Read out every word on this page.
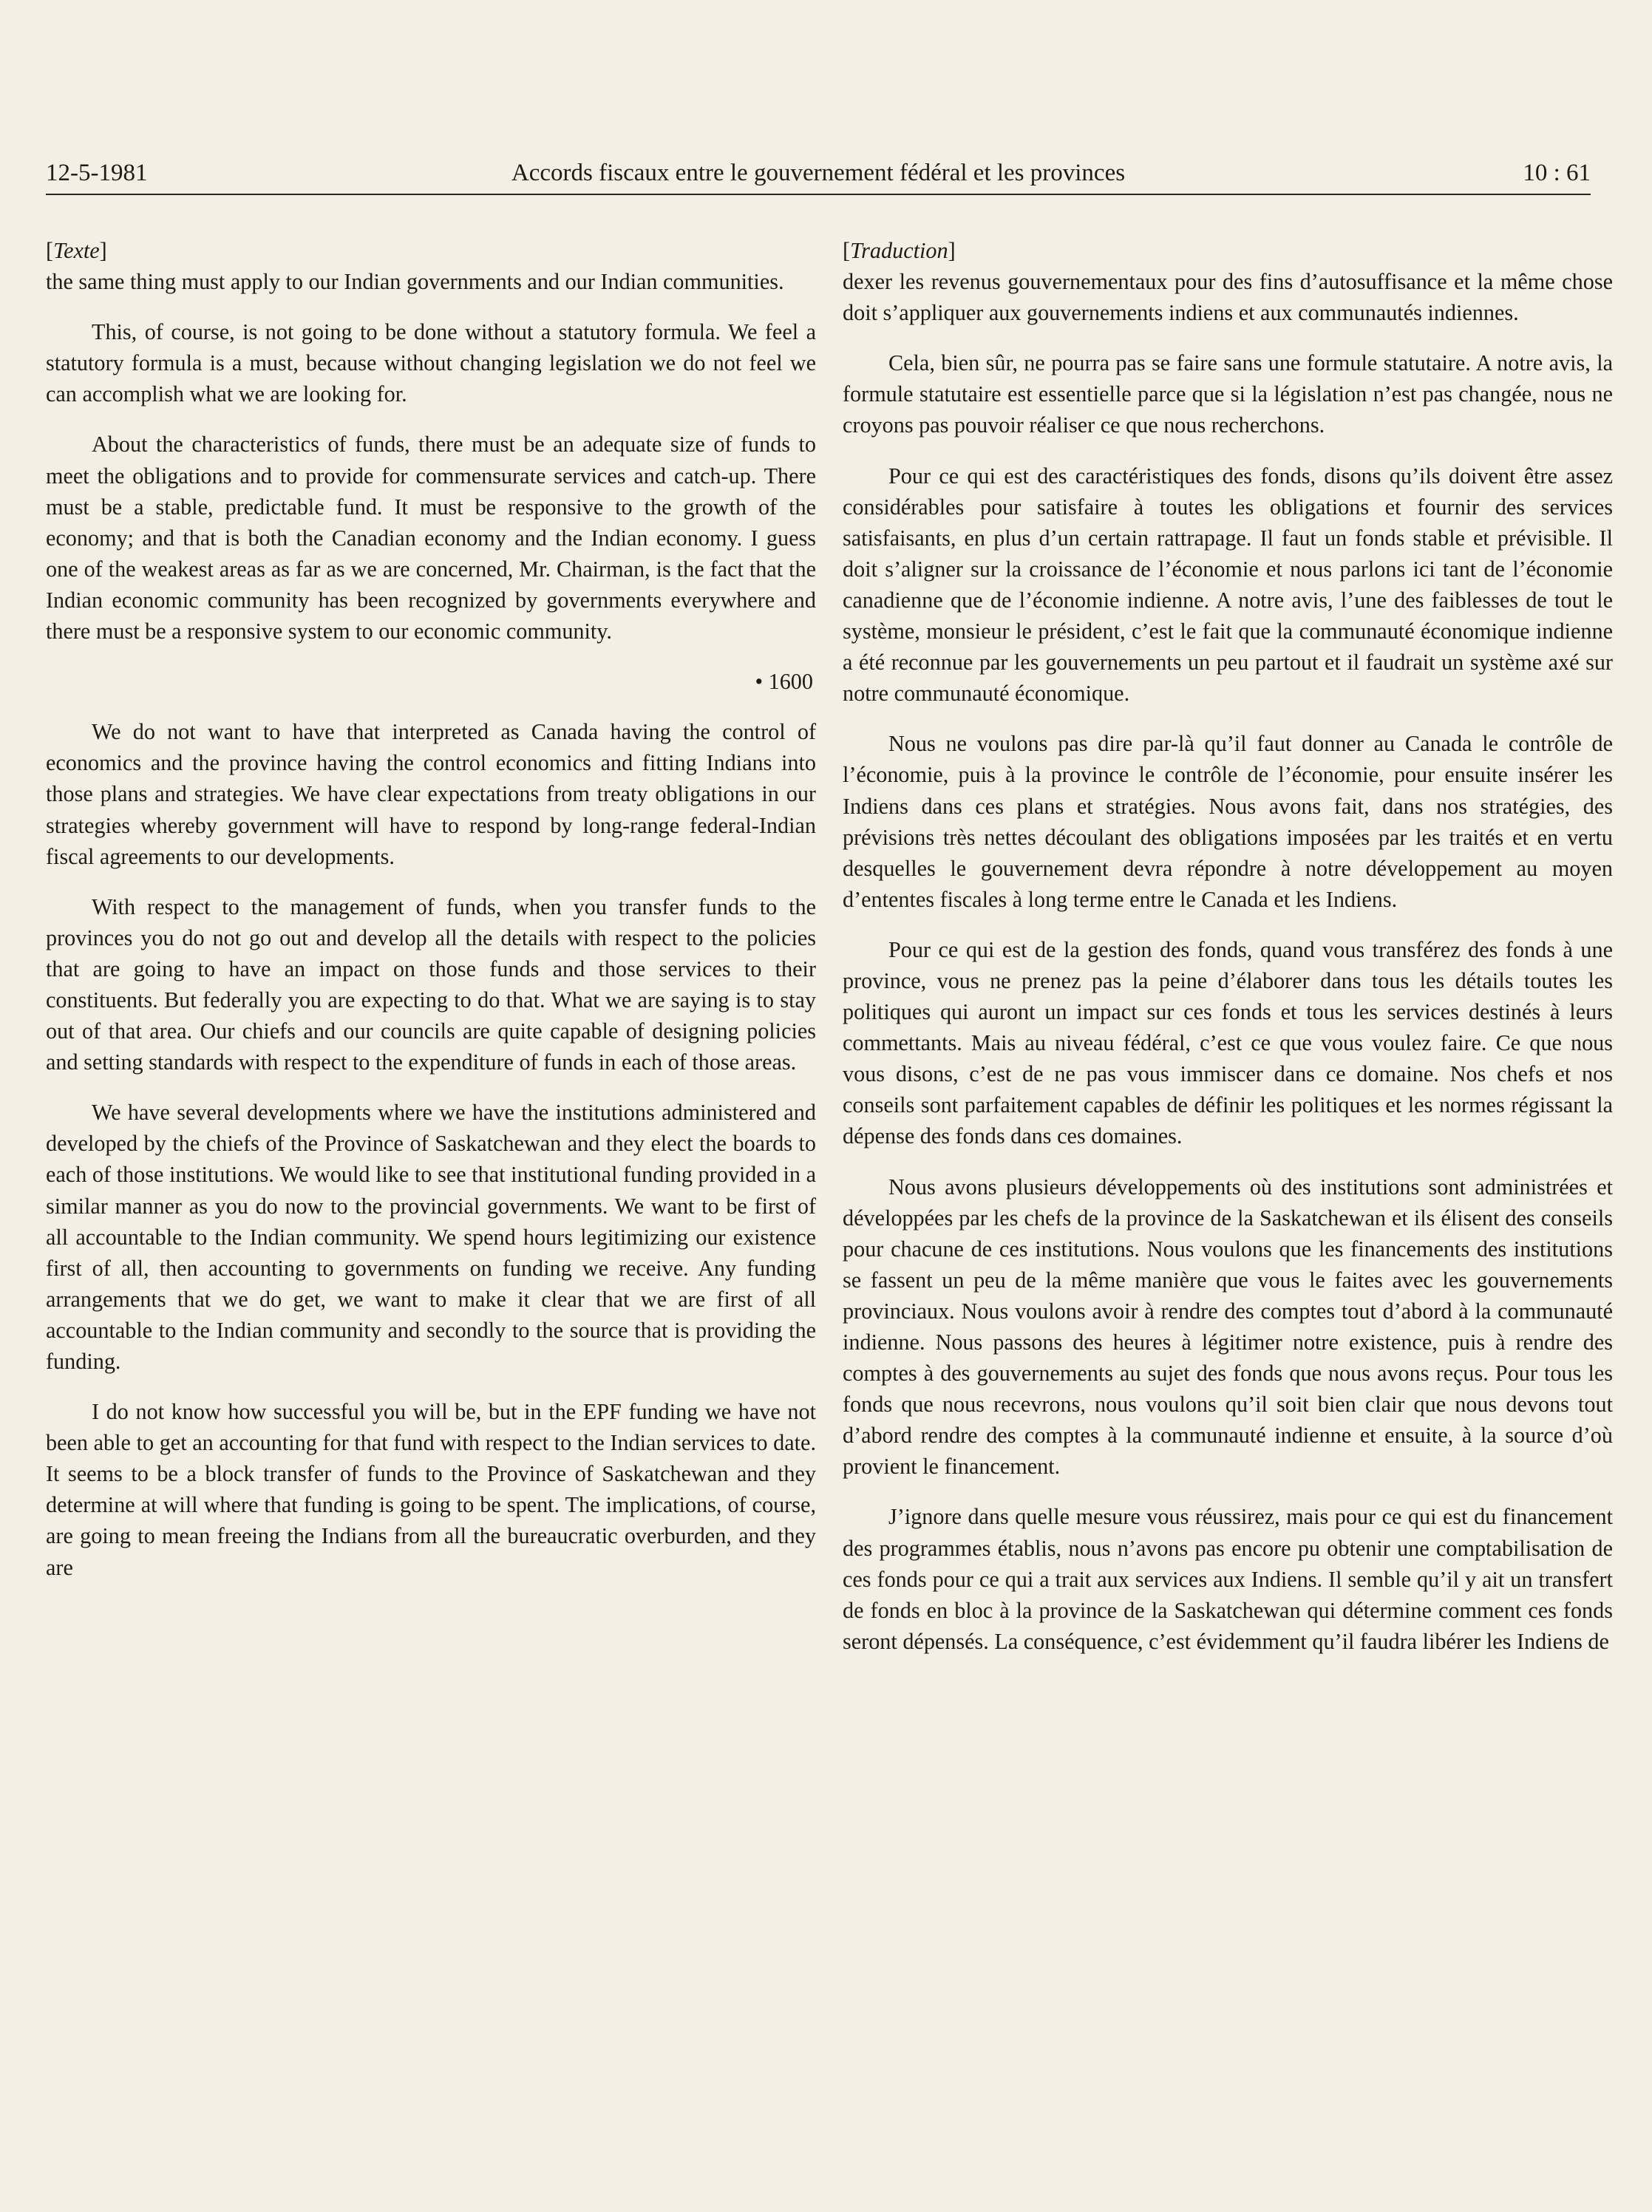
12-5-1981	Accords fiscaux entre le gouvernement fédéral et les provinces	10 : 61
[Texte]

the same thing must apply to our Indian governments and our Indian communities.

This, of course, is not going to be done without a statutory formula. We feel a statutory formula is a must, because without changing legislation we do not feel we can accomplish what we are looking for.

About the characteristics of funds, there must be an adequate size of funds to meet the obligations and to provide for commensurate services and catch-up. There must be a stable, predictable fund. It must be responsive to the growth of the economy; and that is both the Canadian economy and the Indian economy. I guess one of the weakest areas as far as we are concerned, Mr. Chairman, is the fact that the Indian economic community has been recognized by governments everywhere and there must be a responsive system to our economic community.

• 1600

We do not want to have that interpreted as Canada having the control of economics and the province having the control economics and fitting Indians into those plans and strategies. We have clear expectations from treaty obligations in our strategies whereby government will have to respond by long-range federal-Indian fiscal agreements to our developments.

With respect to the management of funds, when you transfer funds to the provinces you do not go out and develop all the details with respect to the policies that are going to have an impact on those funds and those services to their constituents. But federally you are expecting to do that. What we are saying is to stay out of that area. Our chiefs and our councils are quite capable of designing policies and setting standards with respect to the expenditure of funds in each of those areas.

We have several developments where we have the institutions administered and developed by the chiefs of the Province of Saskatchewan and they elect the boards to each of those institutions. We would like to see that institutional funding provided in a similar manner as you do now to the provincial governments. We want to be first of all accountable to the Indian community. We spend hours legitimizing our existence first of all, then accounting to governments on funding we receive. Any funding arrangements that we do get, we want to make it clear that we are first of all accountable to the Indian community and secondly to the source that is providing the funding.

I do not know how successful you will be, but in the EPF funding we have not been able to get an accounting for that fund with respect to the Indian services to date. It seems to be a block transfer of funds to the Province of Saskatchewan and they determine at will where that funding is going to be spent. The implications, of course, are going to mean freeing the Indians from all the bureaucratic overburden, and they are

[Traduction]

dexer les revenus gouvernementaux pour des fins d’autosuffisance et la même chose doit s’appliquer aux gouvernements indiens et aux communautés indiennes.

Cela, bien sûr, ne pourra pas se faire sans une formule statutaire. A notre avis, la formule statutaire est essentielle parce que si la législation n’est pas changée, nous ne croyons pas pouvoir réaliser ce que nous recherchons.

Pour ce qui est des caractéristiques des fonds, disons qu’ils doivent être assez considérables pour satisfaire à toutes les obligations et fournir des services satisfaisants, en plus d’un certain rattrapage. Il faut un fonds stable et prévisible. Il doit s’aligner sur la croissance de l’économie et nous parlons ici tant de l’économie canadienne que de l’économie indienne. A notre avis, l’une des faiblesses de tout le système, monsieur le président, c’est le fait que la communauté économique indienne a été reconnue par les gouvernements un peu partout et il faudrait un système axé sur notre communauté économique.

Nous ne voulons pas dire par-là qu’il faut donner au Canada le contrôle de l’économie, puis à la province le contrôle de l’économie, pour ensuite insérer les Indiens dans ces plans et stratégies. Nous avons fait, dans nos stratégies, des prévisions très nettes découlant des obligations imposées par les traités et en vertu desquelles le gouvernement devra répondre à notre développement au moyen d’ententes fiscales à long terme entre le Canada et les Indiens.

Pour ce qui est de la gestion des fonds, quand vous transférez des fonds à une province, vous ne prenez pas la peine d’élaborer dans tous les détails toutes les politiques qui auront un impact sur ces fonds et tous les services destinés à leurs commettants. Mais au niveau fédéral, c’est ce que vous voulez faire. Ce que nous vous disons, c’est de ne pas vous immiscer dans ce domaine. Nos chefs et nos conseils sont parfaitement capables de définir les politiques et les normes régissant la dépense des fonds dans ces domaines.

Nous avons plusieurs développements où des institutions sont administrées et développées par les chefs de la province de la Saskatchewan et ils élisent des conseils pour chacune de ces institutions. Nous voulons que les financements des institutions se fassent un peu de la même manière que vous le faites avec les gouvernements provinciaux. Nous voulons avoir à rendre des comptes tout d’abord à la communauté indienne. Nous passons des heures à légitimer notre existence, puis à rendre des comptes à des gouvernements au sujet des fonds que nous avons reçus. Pour tous les fonds que nous recevrons, nous voulons qu’il soit bien clair que nous devons tout d’abord rendre des comptes à la communauté indienne et ensuite, à la source d’où provient le financement.

J’ignore dans quelle mesure vous réussirez, mais pour ce qui est du financement des programmes établis, nous n’avons pas encore pu obtenir une comptabilisation de ces fonds pour ce qui a trait aux services aux Indiens. Il semble qu’il y ait un transfert de fonds en bloc à la province de la Saskatchewan qui détermine comment ces fonds seront dépensés. La conséquence, c’est évidemment qu’il faudra libérer les Indiens de
